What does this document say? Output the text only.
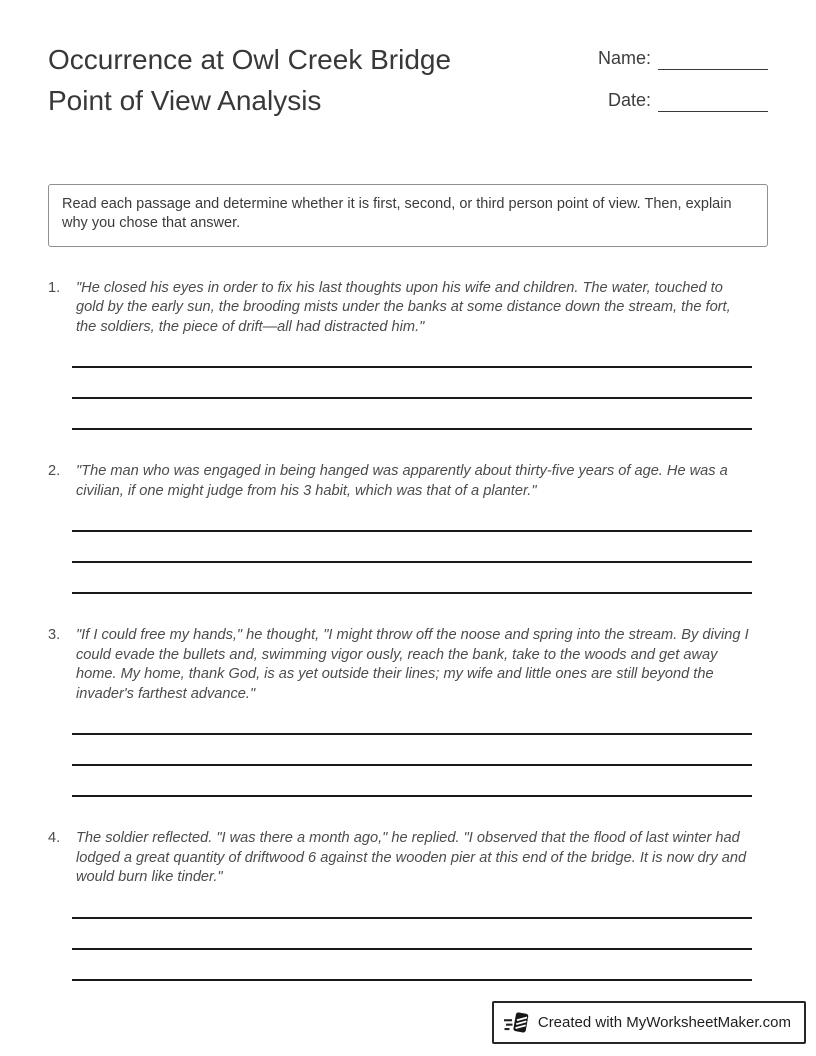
Occurrence at Owl Creek Bridge
Point of View Analysis
Name:
Date:
Read each passage and determine whether it is first, second, or third person point of view. Then, explain why you chose that answer.
1.	"He closed his eyes in order to fix his last thoughts upon his wife and children. The water, touched to gold by the early sun, the brooding mists under the banks at some distance down the stream, the fort, the soldiers, the piece of drift—all had distracted him."
2.	"The man who was engaged in being hanged was apparently about thirty-five years of age. He was a civilian, if one might judge from his 3 habit, which was that of a planter."
3.	"If I could free my hands," he thought, "I might throw off the noose and spring into the stream. By diving I could evade the bullets and, swimming vigor ously, reach the bank, take to the woods and get away home. My home, thank God, is as yet outside their lines; my wife and little ones are still beyond the invader's farthest advance."
4.	The soldier reflected. "I was there a month ago," he replied. "I observed that the flood of last winter had lodged a great quantity of driftwood 6 against the wooden pier at this end of the bridge. It is now dry and would burn like tinder."
Created with MyWorksheetMaker.com
